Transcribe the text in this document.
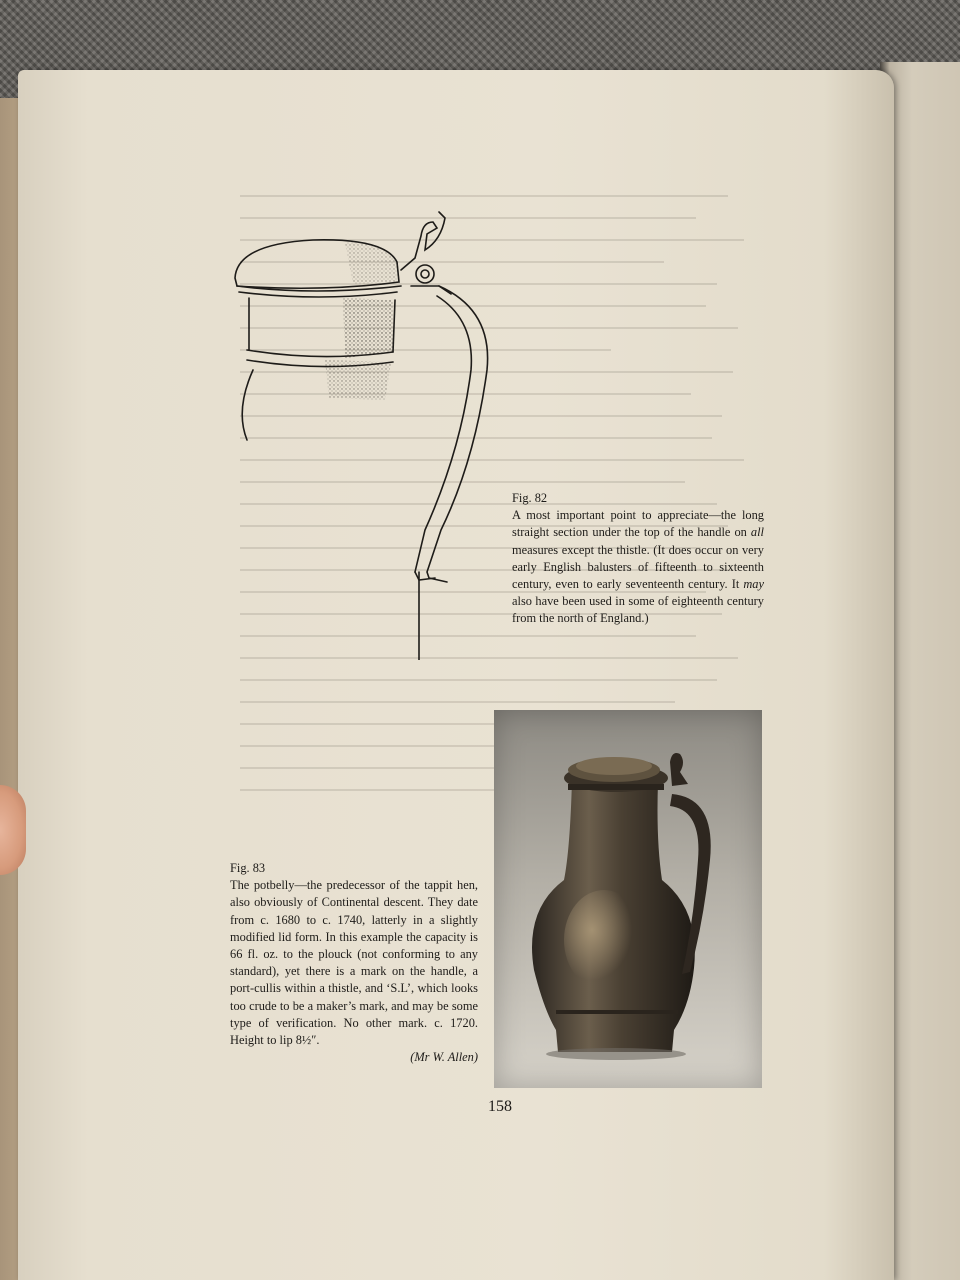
Fig. 82
A most important point to appreciate—the long straight section under the top of the handle on all measures except the thistle. (It does occur on very early English balusters of fifteenth to sixteenth century, even to early seventeenth century. It may also have been used in some of eighteenth century from the north of England.)
Fig. 83
The potbelly—the predecessor of the tappit hen, also obviously of Continental descent. They date from c. 1680 to c. 1740, latterly in a slightly modified lid form. In this example the capacity is 66 fl. oz. to the plouck (not conforming to any standard), yet there is a mark on the handle, a port-cullis within a thistle, and ‘S.L’, which looks too crude to be a maker’s mark, and may be some type of verification. No other mark. c. 1720. Height to lip 8½″.
(Mr W. Allen)
158
